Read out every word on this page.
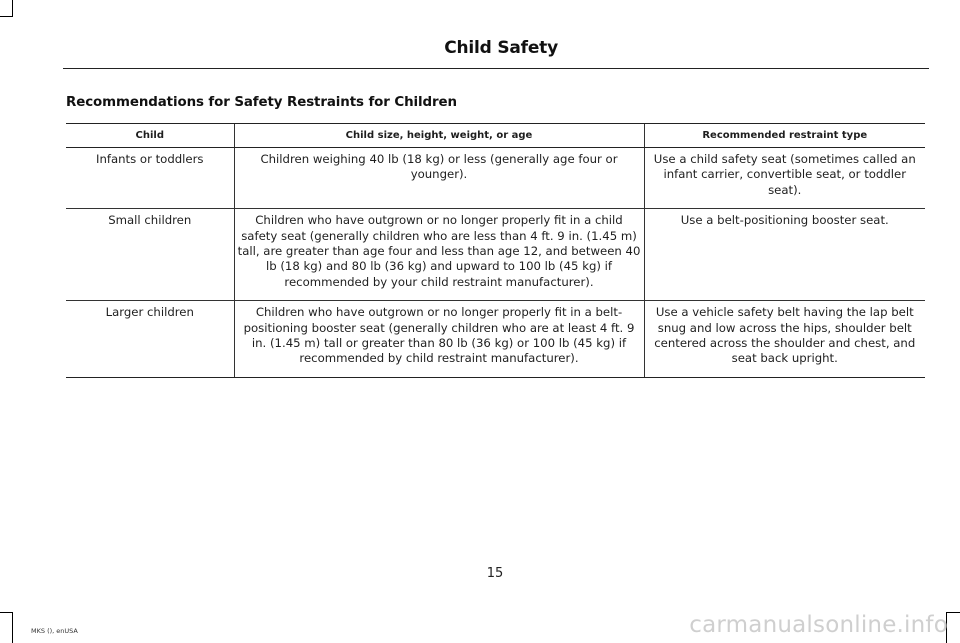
Child Safety
Recommendations for Safety Restraints for Children
Child	Child size, height, weight, or age	Recommended restraint type
Infants or toddlers	Children weighing 40 lb (18 kg) or less (generally age four or younger).	Use a child safety seat (sometimes called an infant carrier, convertible seat, or toddler seat).
Small children	Children who have outgrown or no longer properly fit in a child safety seat (generally children who are less than 4 ft. 9 in. (1.45 m) tall, are greater than age four and less than age 12, and between 40 lb (18 kg) and 80 lb (36 kg) and upward to 100 lb (45 kg) if recommended by your child restraint manufacturer).	Use a belt-positioning booster seat.
Larger children	Children who have outgrown or no longer properly fit in a belt-positioning booster seat (generally children who are at least 4 ft. 9 in. (1.45 m) tall or greater than 80 lb (36 kg) or 100 lb (45 kg) if recommended by child restraint manufacturer).	Use a vehicle safety belt having the lap belt snug and low across the hips, shoulder belt centered across the shoulder and chest, and seat back upright.
15
MKS (), enUSA	carmanualsonline.info
